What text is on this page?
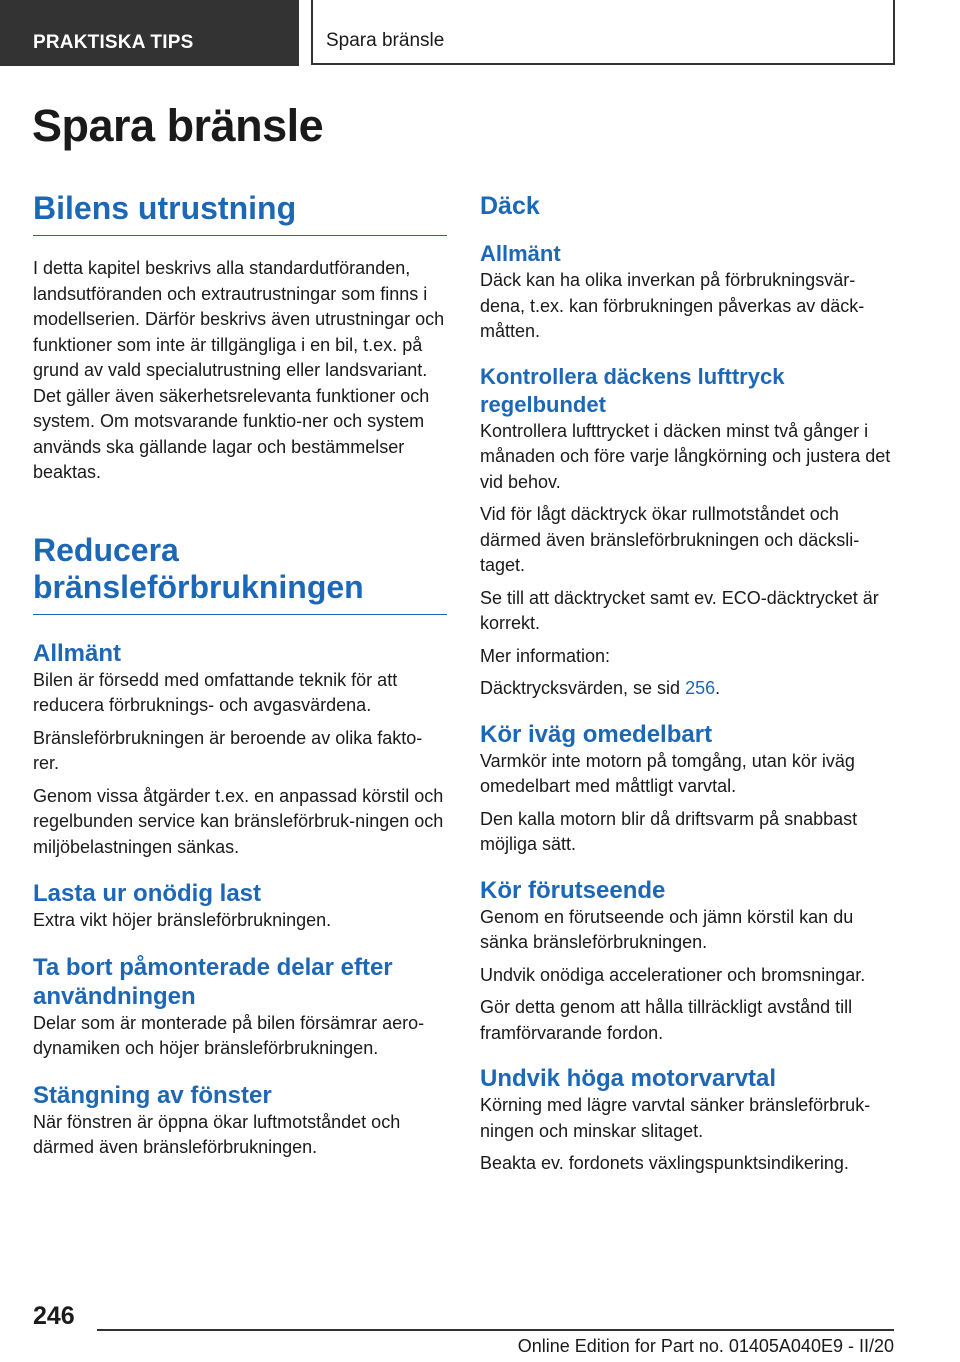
PRAKTISKA TIPS	Spara bränsle
Spara bränsle
Bilens utrustning

I detta kapitel beskrivs alla standardutföranden, landsutföranden och extrautrustningar som finns i modellserien. Därför beskrivs även utrustningar och funktioner som inte är tillgängliga i en bil, t.ex. på grund av vald specialutrustning eller landsvariant. Det gäller även säkerhetsrelevanta funktioner och system. Om motsvarande funktio-ner och system används ska gällande lagar och bestämmelser beaktas.

Reducera bränsleförbrukningen
Allmänt

Bilen är försedd med omfattande teknik för att reducera förbruknings- och avgasvärdena.

Bränsleförbrukningen är beroende av olika fakto-rer.

Genom vissa åtgärder t.ex. en anpassad körstil och regelbunden service kan bränsleförbruk-ningen och miljöbelastningen sänkas.

Lasta ur onödig last

Extra vikt höjer bränsleförbrukningen.

Ta bort påmonterade delar efter användningen

Delar som är monterade på bilen försämrar aero-dynamiken och höjer bränsleförbrukningen.

Stängning av fönster

När fönstren är öppna ökar luftmotståndet och därmed även bränsleförbrukningen.

Däck
Allmänt

Däck kan ha olika inverkan på förbrukningsvär-dena, t.ex. kan förbrukningen påverkas av däck-måtten.

Kontrollera däckens lufttryck regelbundet

Kontrollera lufttrycket i däcken minst två gånger i månaden och före varje långkörning och justera det vid behov.

Vid för lågt däcktryck ökar rullmotståndet och därmed även bränsleförbrukningen och däcksli-taget.

Se till att däcktrycket samt ev. ECO-däcktrycket är korrekt.

Mer information:

Däcktrycksvärden, se sid 256.

Kör iväg omedelbart

Varmkör inte motorn på tomgång, utan kör iväg omedelbart med måttligt varvtal.

Den kalla motorn blir då driftsvarm på snabbast möjliga sätt.

Kör förutseende

Genom en förutseende och jämn körstil kan du sänka bränsleförbrukningen.

Undvik onödiga accelerationer och bromsningar.

Gör detta genom att hålla tillräckligt avstånd till framförvarande fordon.

Undvik höga motorvarvtal

Körning med lägre varvtal sänker bränsleförbruk-ningen och minskar slitaget.

Beakta ev. fordonets växlingspunktsindikering.

246
Online Edition for Part no. 01405A040E9 - II/20
